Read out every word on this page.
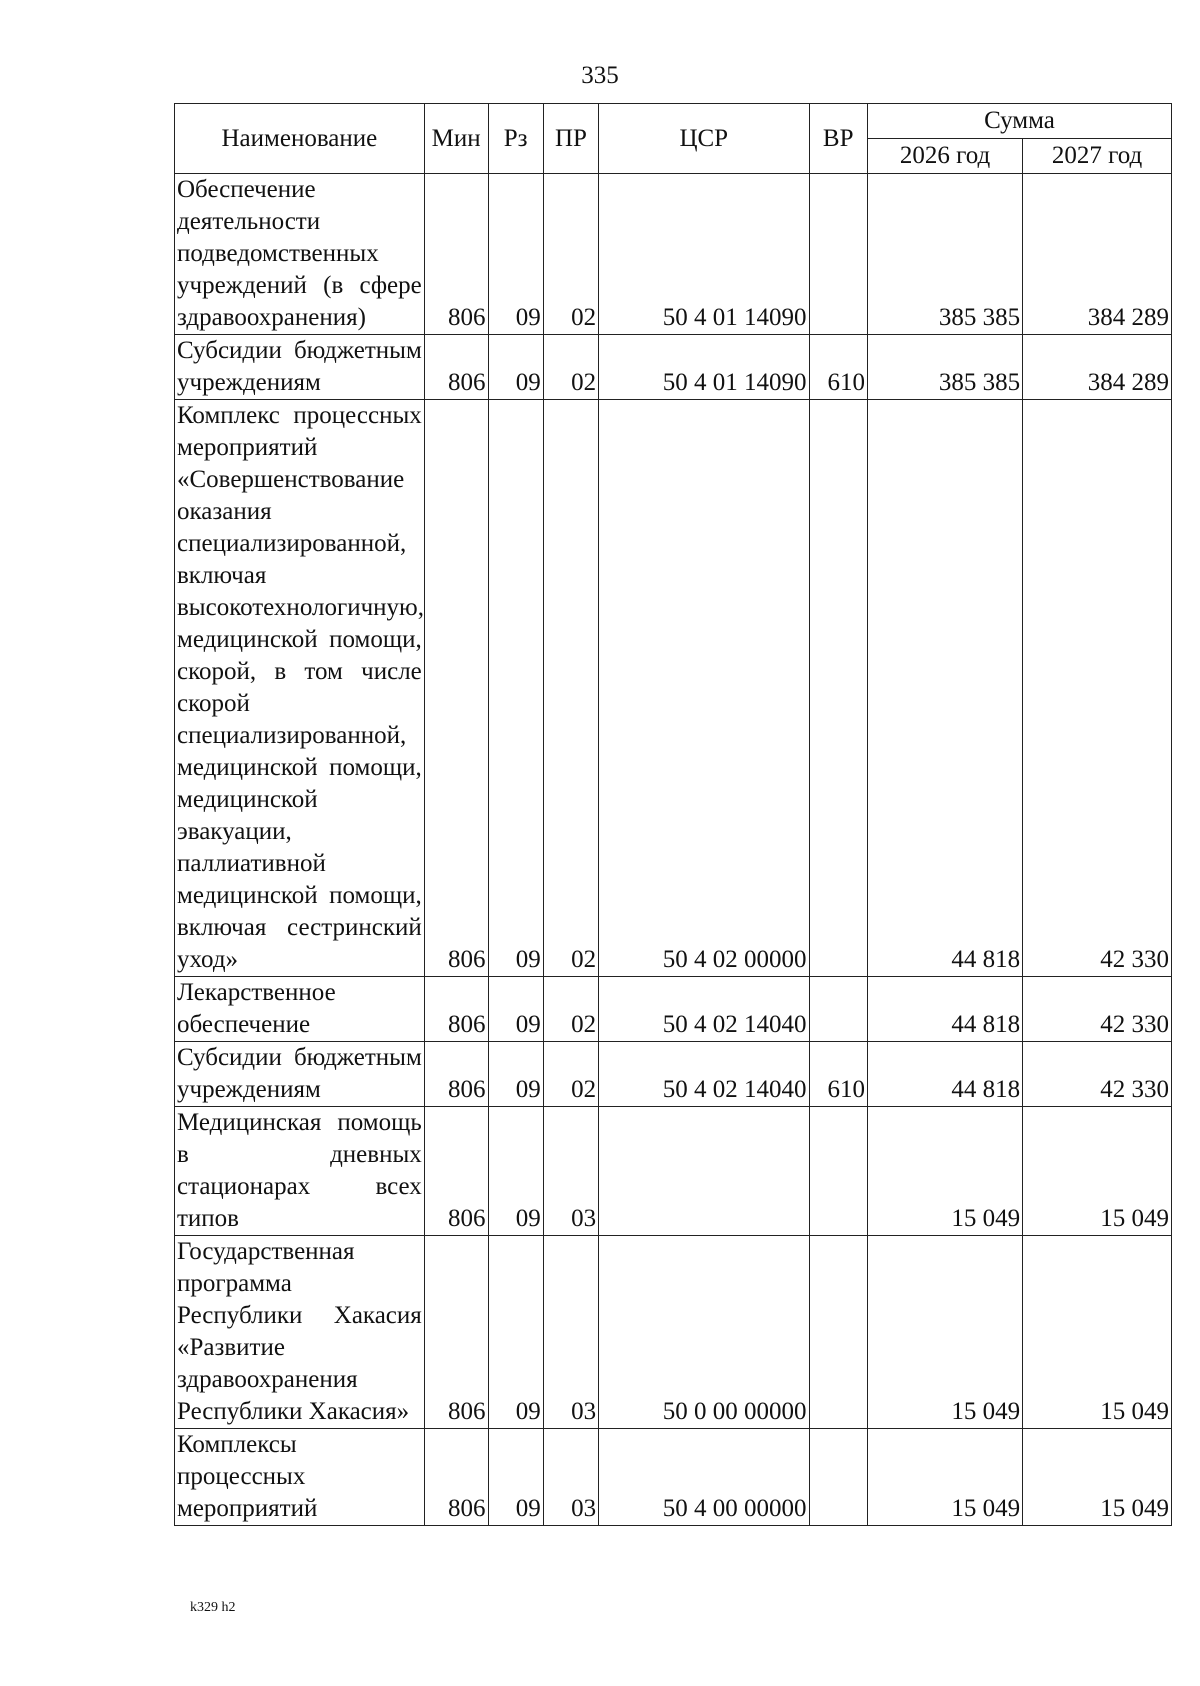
335
Наименование	Мин	Рз	ПР	ЦСР	ВР	Сумма	
						2026 год	2027 год
Обеспечение деятельности подведомственных учреждений (в сфере здравоохранения)	806	09	02	50 4 01 14090		385 385	384 289
Субсидии бюджетным учреждениям	806	09	02	50 4 01 14090	610	385 385	384 289
Комплекс процессных мероприятий «Совершенствование оказания специализированной, включая высокотехнологичную, медицинской помощи, скорой, в том числе скорой специализированной, медицинской помощи, медицинской эвакуации, паллиативной медицинской помощи, включая сестринский уход»	806	09	02	50 4 02 00000		44 818	42 330
Лекарственное обеспечение	806	09	02	50 4 02 14040		44 818	42 330
Субсидии бюджетным учреждениям	806	09	02	50 4 02 14040	610	44 818	42 330
Медицинская помощь в дневных стационарах всех типов	806	09	03			15 049	15 049
Государственная программа Республики Хакасия «Развитие здравоохранения Республики Хакасия»	806	09	03	50 0 00 00000		15 049	15 049
Комплексы процессных мероприятий	806	09	03	50 4 00 00000		15 049	15 049
k329 h2
